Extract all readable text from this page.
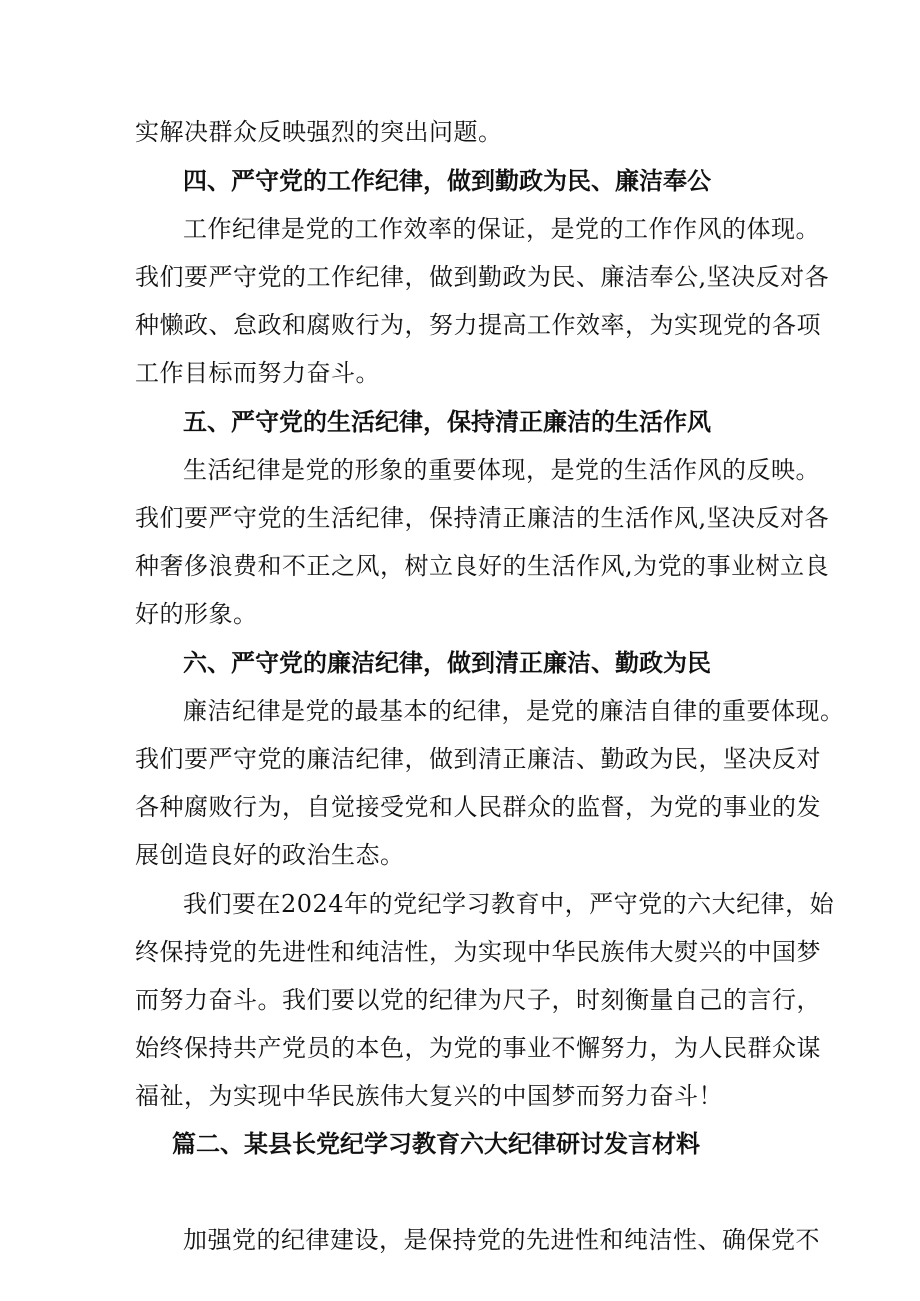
实解决群众反映强烈的突出问题。
四、严守党的工作纪律，做到勤政为民、廉洁奉公
工作纪律是党的工作效率的保证，是党的工作作风的体现。
我们要严守党的工作纪律，做到勤政为民、廉洁奉公,坚决反对各
种懒政、怠政和腐败行为，努力提高工作效率，为实现党的各项
工作目标而努力奋斗。
五、严守党的生活纪律，保持清正廉洁的生活作风
生活纪律是党的形象的重要体现，是党的生活作风的反映。
我们要严守党的生活纪律，保持清正廉洁的生活作风,坚决反对各
种奢侈浪费和不正之风，树立良好的生活作风,为党的事业树立良
好的形象。
六、严守党的廉洁纪律，做到清正廉洁、勤政为民
廉洁纪律是党的最基本的纪律，是党的廉洁自律的重要体现。
我们要严守党的廉洁纪律，做到清正廉洁、勤政为民，坚决反对
各种腐败行为，自觉接受党和人民群众的监督，为党的事业的发
展创造良好的政治生态。
我们要在2024年的党纪学习教育中，严守党的六大纪律，始
终保持党的先进性和纯洁性，为实现中华民族伟大熨兴的中国梦
而努力奋斗。我们要以党的纪律为尺子，时刻衡量自己的言行，
始终保持共产党员的本色，为党的事业不懈努力，为人民群众谋
福祉，为实现中华民族伟大复兴的中国梦而努力奋斗！
篇二、某县长党纪学习教育六大纪律研讨发言材料
加强党的纪律建设，是保持党的先进性和纯洁性、确保党不
